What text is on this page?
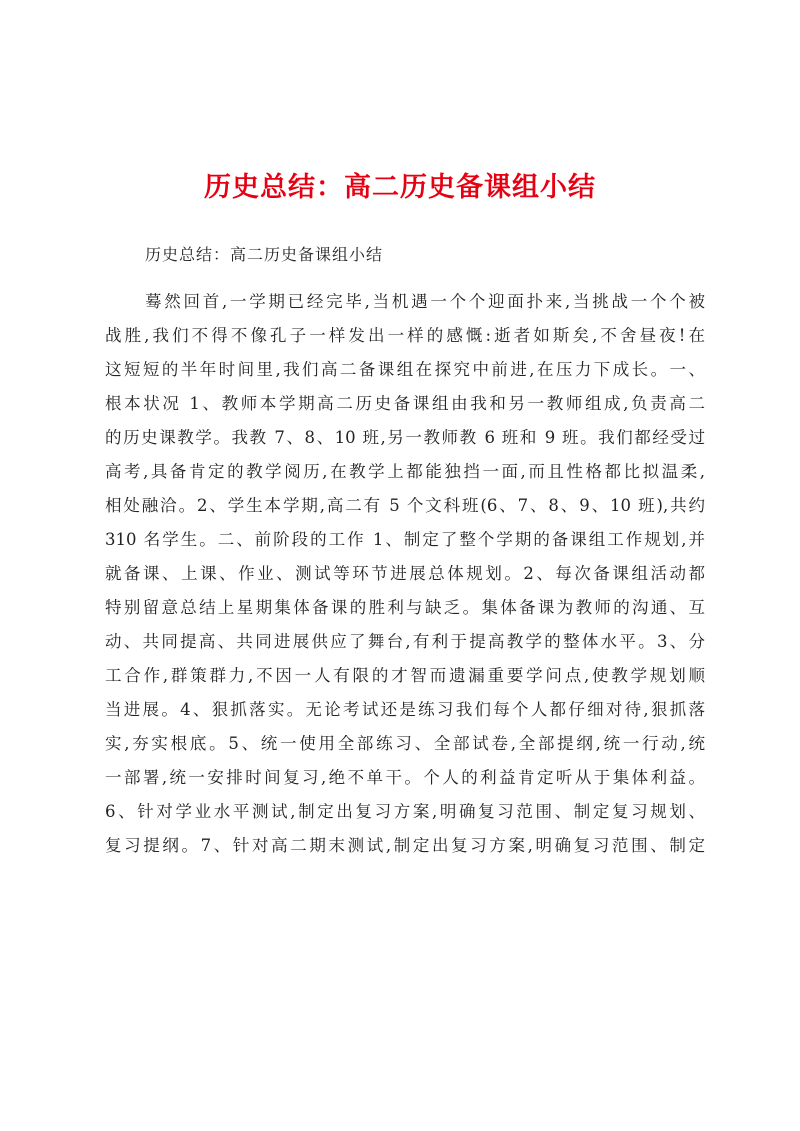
历史总结：高二历史备课组小结
历史总结：高二历史备课组小结
蓦然回首,一学期已经完毕,当机遇一个个迎面扑来,当挑战一个个被
战胜,我们不得不像孔子一样发出一样的感慨:逝者如斯矣,不舍昼夜!在
这短短的半年时间里,我们高二备课组在探究中前进,在压力下成长。一、
根本状况 1、教师本学期高二历史备课组由我和另一教师组成,负责高二
的历史课教学。我教 7、8、10 班,另一教师教 6 班和 9 班。我们都经受过
高考,具备肯定的教学阅历,在教学上都能独挡一面,而且性格都比拟温柔,
相处融洽。2、学生本学期,高二有 5 个文科班(6、7、8、9、10 班),共约
310 名学生。二、前阶段的工作 1、制定了整个学期的备课组工作规划,并
就备课、上课、作业、测试等环节进展总体规划。2、每次备课组活动都
特别留意总结上星期集体备课的胜利与缺乏。集体备课为教师的沟通、互
动、共同提高、共同进展供应了舞台,有利于提高教学的整体水平。3、分
工合作,群策群力,不因一人有限的才智而遗漏重要学问点,使教学规划顺
当进展。4、狠抓落实。无论考试还是练习我们每个人都仔细对待,狠抓落
实,夯实根底。5、统一使用全部练习、全部试卷,全部提纲,统一行动,统
一部署,统一安排时间复习,绝不单干。个人的利益肯定听从于集体利益。
6、针对学业水平测试,制定出复习方案,明确复习范围、制定复习规划、
复习提纲。7、针对高二期末测试,制定出复习方案,明确复习范围、制定
